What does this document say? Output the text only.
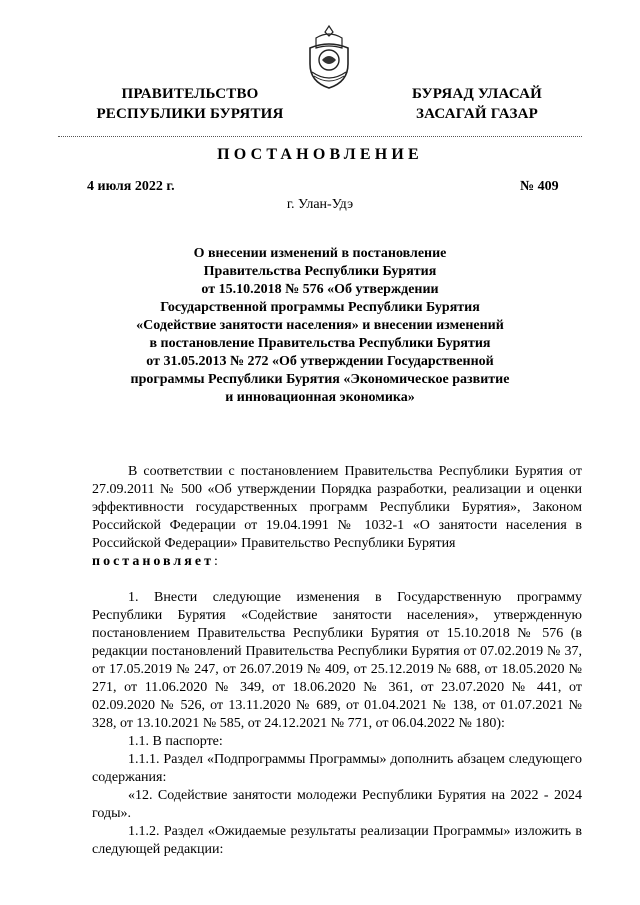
ПРАВИТЕЛЬСТВО
РЕСПУБЛИКИ БУРЯТИЯ
БУРЯАД УЛАСАЙ
ЗАСАГАЙ ГАЗАР
ПОСТАНОВЛЕНИЕ
4 июля 2022 г.	№ 409
г. Улан-Удэ
О внесении изменений в постановление
Правительства Республики Бурятия
от 15.10.2018 № 576 «Об утверждении
Государственной программы Республики Бурятия
«Содействие занятости населения» и внесении изменений
в постановление Правительства Республики Бурятия
от 31.05.2013 № 272 «Об утверждении Государственной
программы Республики Бурятия «Экономическое развитие
и инновационная экономика»

В соответствии с постановлением Правительства Республики Бурятия от 27.09.2011 № 500 «Об утверждении Порядка разработки, реализации и оценки эффективности государственных программ Республики Бурятия», Законом Российской Федерации от 19.04.1991 № 1032-1 «О занятости населения в Российской Федерации» Правительство Республики Бурятия
постановляет:

1. Внести следующие изменения в Государственную программу Республики Бурятия «Содействие занятости населения», утвержденную постановлением Правительства Республики Бурятия от 15.10.2018 № 576 (в редакции постановлений Правительства Республики Бурятия от 07.02.2019 № 37, от 17.05.2019 № 247, от 26.07.2019 № 409, от 25.12.2019 № 688, от 18.05.2020 № 271, от 11.06.2020 № 349, от 18.06.2020 № 361, от 23.07.2020 № 441, от 02.09.2020 № 526, от 13.11.2020 № 689, от 01.04.2021 № 138, от 01.07.2021 № 328, от 13.10.2021 № 585, от 24.12.2021 № 771, от 06.04.2022 № 180):

1.1. В паспорте:

1.1.1. Раздел «Подпрограммы Программы» дополнить абзацем следующего содержания:

«12. Содействие занятости молодежи Республики Бурятия на 2022 - 2024 годы».

1.1.2. Раздел «Ожидаемые результаты реализации Программы» изложить в следующей редакции:
